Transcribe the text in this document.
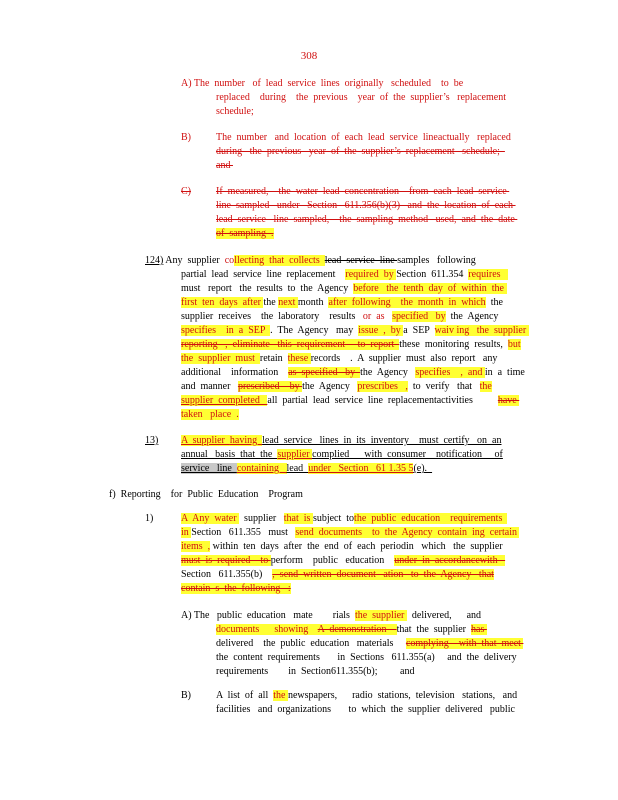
308
A) The  number   of  lead  service  lines  originally   scheduled    to  be
replaced    during    the  previous    year  of  the  supplier’s   replacement
schedule;
B)	The  number   and  location  of  each  lead  service  lineactually   replaced
during   the  previous   year  of  the  supplier’s  replacement   schedule;
and
C)	If  measured,    the  water  lead  concentration    from  each  lead  service
line  sampled   under   Section   611.356(b)(3)   and  the  location  of  each
lead  service   line  sampled,    the  sampling  method   used,  and  the  date
of  sampling  .
124) Any  supplier  collecting  that  collects  lead  service  line samples   following
partial  lead  service  line  replacement    required  by Section  611.354  requires
must   report   the  results  to  the  Agency  before   the  tenth  day  of  within  the
first  ten  days  after the next month  after  following    the  month  in  which  the
supplier  receives    the  laboratory    results   or  as   specified   by  the  Agency
specifies    in  a  SEP  .  The  Agency   may  issue  ,  by a  SEP  waiv ing   the  supplier
reporting   ,  eliminate   this  requirement     to  report  these  monitoring  results,  but
the  supplier  must  retain  these records    .  A  supplier  must  also  report   any
additional    information    as  specified   by  the  Agency   specifies    ,  and in  a  time
and  manner   prescribed    by the  Agency   prescribes   ,  to  verify   that   the
supplier  completed   all  partial  lead  service  line  replacementactivities          have
taken   place  .
13) A  supplier  having  lead  service   lines  in  its  inventory    must  certify   on  an
annual   basis  that  the  supplier complied      with  consumer    notification     of
service   line  containing   lead  under   Section   61 1.35 5(e).
f)  Reporting    for  Public  Education    Program
1)	A  Any  water   supplier   that  is subject  tothe  public  education    requirements
in Section   611.355   must   send  documents    to  the  Agency  contain  ing  certain
items  , within  ten  days  after  the  end  of  each  periodin   which   the  supplier
must  is  required    to perform    public   education    under  in  accordancewith
Section   611.355(b)    ,  send  written  document   ation   to  the  Agency   that
contain  s  the  following   :
A) The   public  education   mate        rials  the  supplier   delivered,      and
documents      showing    A  demonstration    that  the  supplier  has
delivered    the  public  education   materials     complying    with  that  meet
the  content  requirements       in  Sections   611.355(a)     and  the  delivery
requirements        in  Section611.355(b);         and
B)	A  list  of  all  the newspapers,      radio  stations,  television   stations,   and
facilities   and  organizations       to  which  the  supplier  delivered   public
